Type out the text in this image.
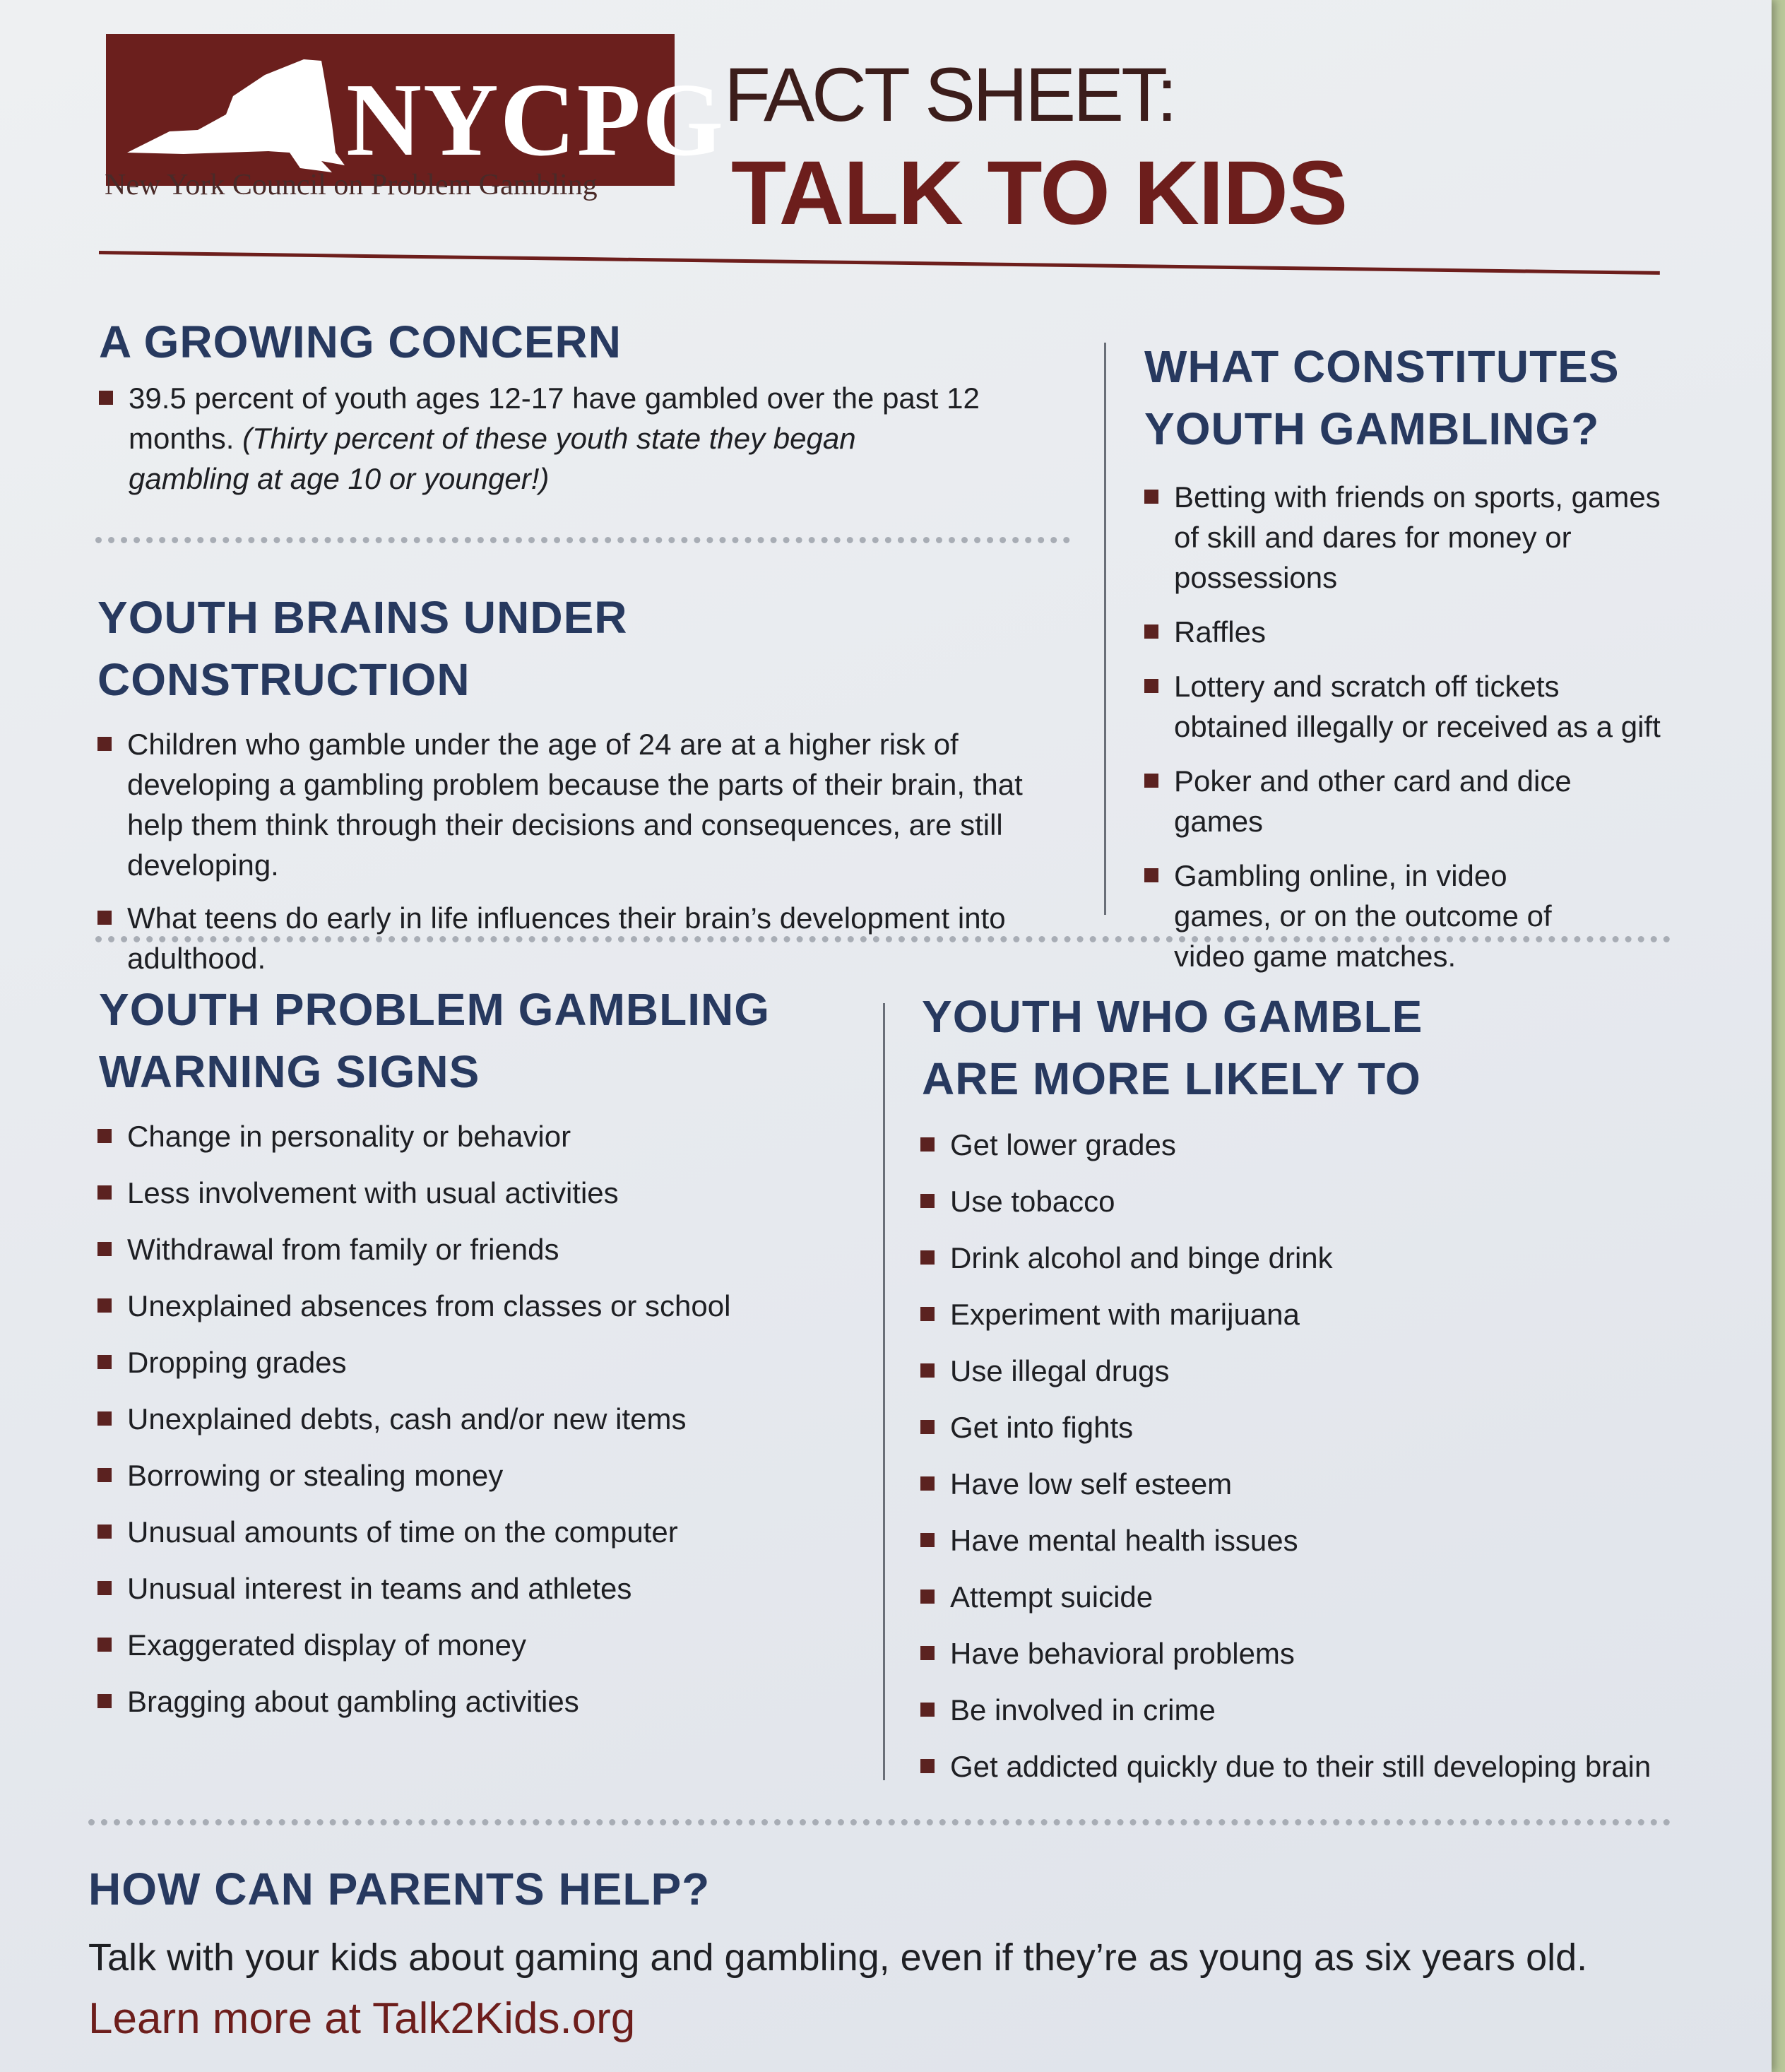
NYCPG
New York Council on Problem Gambling
FACT SHEET:
TALK TO KIDS
A GROWING CONCERN
39.5 percent of youth ages 12-17 have gambled over the past 12 months. (Thirty percent of these youth state they began gambling at age 10 or younger!)
YOUTH BRAINS UNDER
CONSTRUCTION
Children who gamble under the age of 24 are at a higher risk of developing a gambling problem because the parts of their brain, that help them think through their decisions and consequences, are still developing.
What teens do early in life influences their brain’s development into adulthood.
WHAT CONSTITUTES
YOUTH GAMBLING?
Betting with friends on sports, games of skill and dares for money or possessions
Raffles
Lottery and scratch off tickets obtained illegally or received as a gift
Poker and other card and dice games
Gambling online, in video games, or on the outcome of video game matches.
YOUTH PROBLEM GAMBLING
WARNING SIGNS
Change in personality or behavior
Less involvement with usual activities
Withdrawal from family or friends
Unexplained absences from classes or school
Dropping grades
Unexplained debts, cash and/or new items
Borrowing or stealing money
Unusual amounts of time on the computer
Unusual interest in teams and athletes
Exaggerated display of money
Bragging about gambling activities
YOUTH WHO GAMBLE
ARE MORE LIKELY TO
Get lower grades
Use tobacco
Drink alcohol and binge drink
Experiment with marijuana
Use illegal drugs
Get into fights
Have low self esteem
Have mental health issues
Attempt suicide
Have behavioral problems
Be involved in crime
Get addicted quickly due to their still developing brain
HOW CAN PARENTS HELP?
Talk with your kids about gaming and gambling, even if they’re as young as six years old.
Learn more at Talk2Kids.org
